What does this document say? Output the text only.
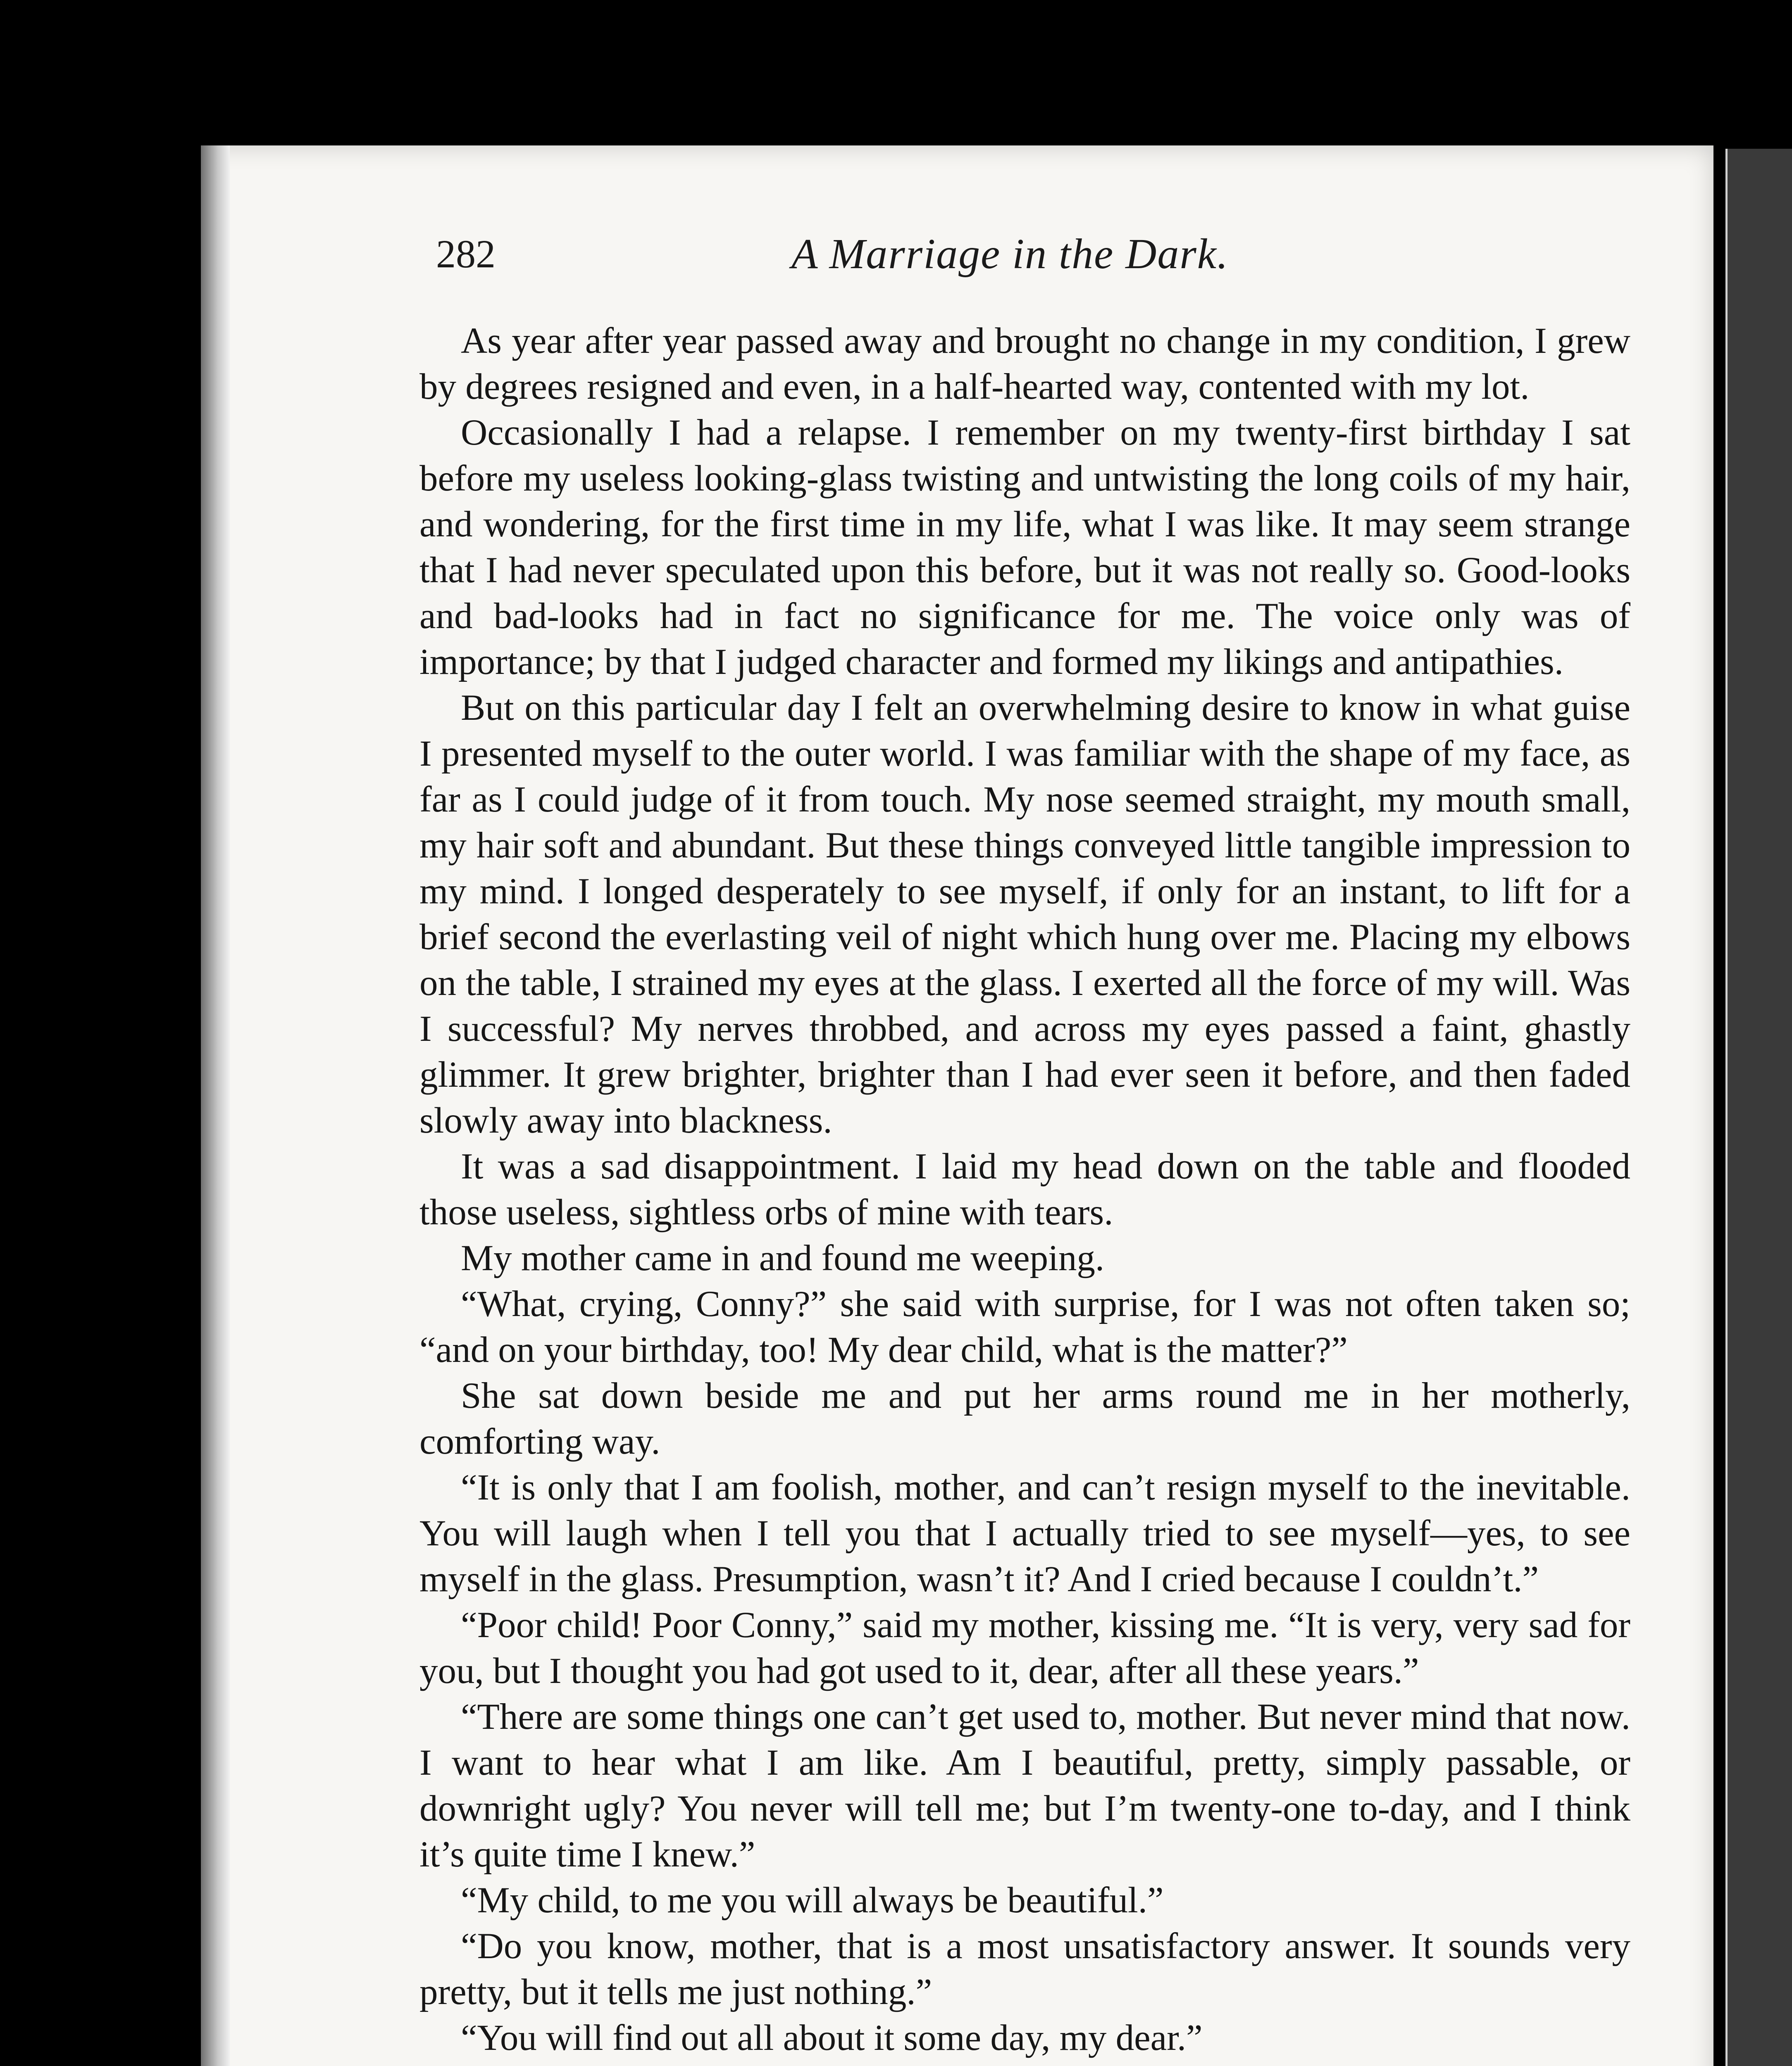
282	A Marriage in the Dark.

As year after year passed away and brought no change in my condition, I grew by degrees resigned and even, in a half-hearted way, contented with my lot.

Occasionally I had a relapse. I remember on my twenty-first birthday I sat before my useless looking-glass twisting and untwisting the long coils of my hair, and wondering, for the first time in my life, what I was like. It may seem strange that I had never speculated upon this before, but it was not really so. Good-looks and bad-looks had in fact no significance for me. The voice only was of importance; by that I judged character and formed my likings and antipathies.

But on this particular day I felt an overwhelming desire to know in what guise I presented myself to the outer world. I was familiar with the shape of my face, as far as I could judge of it from touch. My nose seemed straight, my mouth small, my hair soft and abundant. But these things conveyed little tangible impression to my mind. I longed desperately to see myself, if only for an instant, to lift for a brief second the everlasting veil of night which hung over me. Placing my elbows on the table, I strained my eyes at the glass. I exerted all the force of my will. Was I successful? My nerves throbbed, and across my eyes passed a faint, ghastly glimmer. It grew brighter, brighter than I had ever seen it before, and then faded slowly away into blackness.

It was a sad disappointment. I laid my head down on the table and flooded those useless, sightless orbs of mine with tears.

My mother came in and found me weeping.

“What, crying, Conny?” she said with surprise, for I was not often taken so; “and on your birthday, too! My dear child, what is the matter?”

She sat down beside me and put her arms round me in her motherly, comforting way.

“It is only that I am foolish, mother, and can’t resign myself to the inevitable. You will laugh when I tell you that I actually tried to see myself—yes, to see myself in the glass. Presumption, wasn’t it? And I cried because I couldn’t.”

“Poor child! Poor Conny,” said my mother, kissing me. “It is very, very sad for you, but I thought you had got used to it, dear, after all these years.”

“There are some things one can’t get used to, mother. But never mind that now. I want to hear what I am like. Am I beautiful, pretty, simply passable, or downright ugly? You never will tell me; but I’m twenty-one to-day, and I think it’s quite time I knew.”

“My child, to me you will always be beautiful.”

“Do you know, mother, that is a most unsatisfactory answer. It sounds very pretty, but it tells me just nothing.”

“You will find out all about it some day, my dear.”
